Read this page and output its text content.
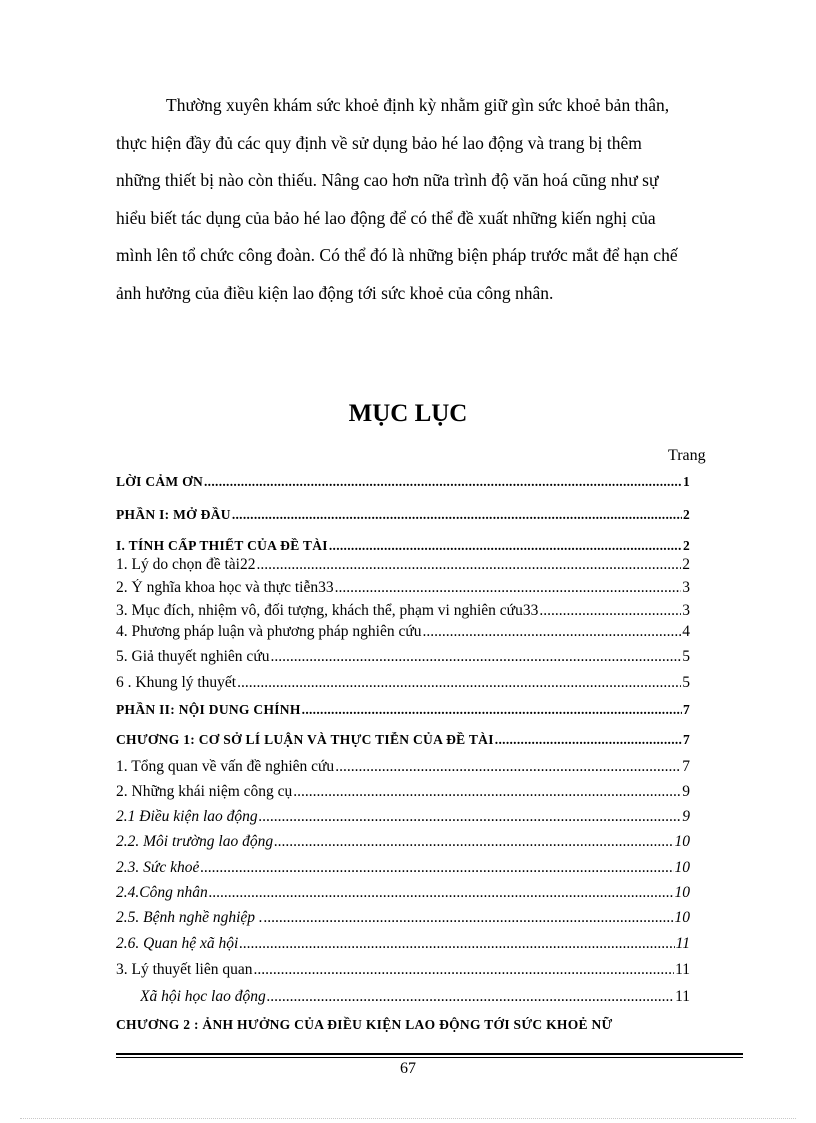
Thường xuyên khám sức khoẻ định kỳ nhằm giữ gìn sức khoẻ bản thân,
thực hiện đầy đủ các quy định về sử dụng bảo hé lao động và trang bị thêm
những thiết bị nào còn thiếu. Nâng cao hơn nữa trình độ văn hoá cũng như sự
hiểu biết tác dụng của bảo hé lao động để có thể đề xuất những kiến nghị của
mình lên tổ chức công đoàn. Có thể đó là những biện pháp trước mắt để hạn chế
ảnh hưởng của điều kiện lao động tới sức khoẻ của công nhân.
MỤC LỤC
Trang
LỜI CẢM ƠN .....	1
PHẦN I: MỞ ĐẦU .....	2
I. TÍNH CẤP THIẾT CỦA ĐỀ TÀI .....	2
1. Lý do chọn đề tài22 .....	2
2. Ý nghĩa khoa học và thực tiễn33 .....	3
3. Mục đích, nhiệm vô, đối tượng, khách thể, phạm vi nghiên cứu33 .....	3
4. Phương pháp luận và phương pháp nghiên cứu .....	4
5. Giả thuyết nghiên cứu .....	5
6 . Khung lý thuyết .....	5
PHẦN II: NỘI DUNG CHÍNH .....	7
CHƯƠNG 1: CƠ SỞ LÍ LUẬN VÀ THỰC TIỄN CỦA ĐỀ TÀI .....	7
1. Tổng quan về vấn đề nghiên cứu .....	7
2. Những khái niệm công cụ .....	9
2.1 Điều kiện lao động .....	9
2.2. Môi trường lao động .....	10
2.3. Sức khoẻ .....	10
2.4.Công nhân .....	10
2.5. Bệnh nghề nghiệp . .....	10
2.6. Quan hệ xã hội .....	11
3. Lý thuyết liên quan .....	11
Xã hội học lao động .....	11
CHƯƠNG 2 : ẢNH HƯỞNG CỦA ĐIỀU KIỆN LAO ĐỘNG TỚI SỨC KHOẺ NỮ
67
